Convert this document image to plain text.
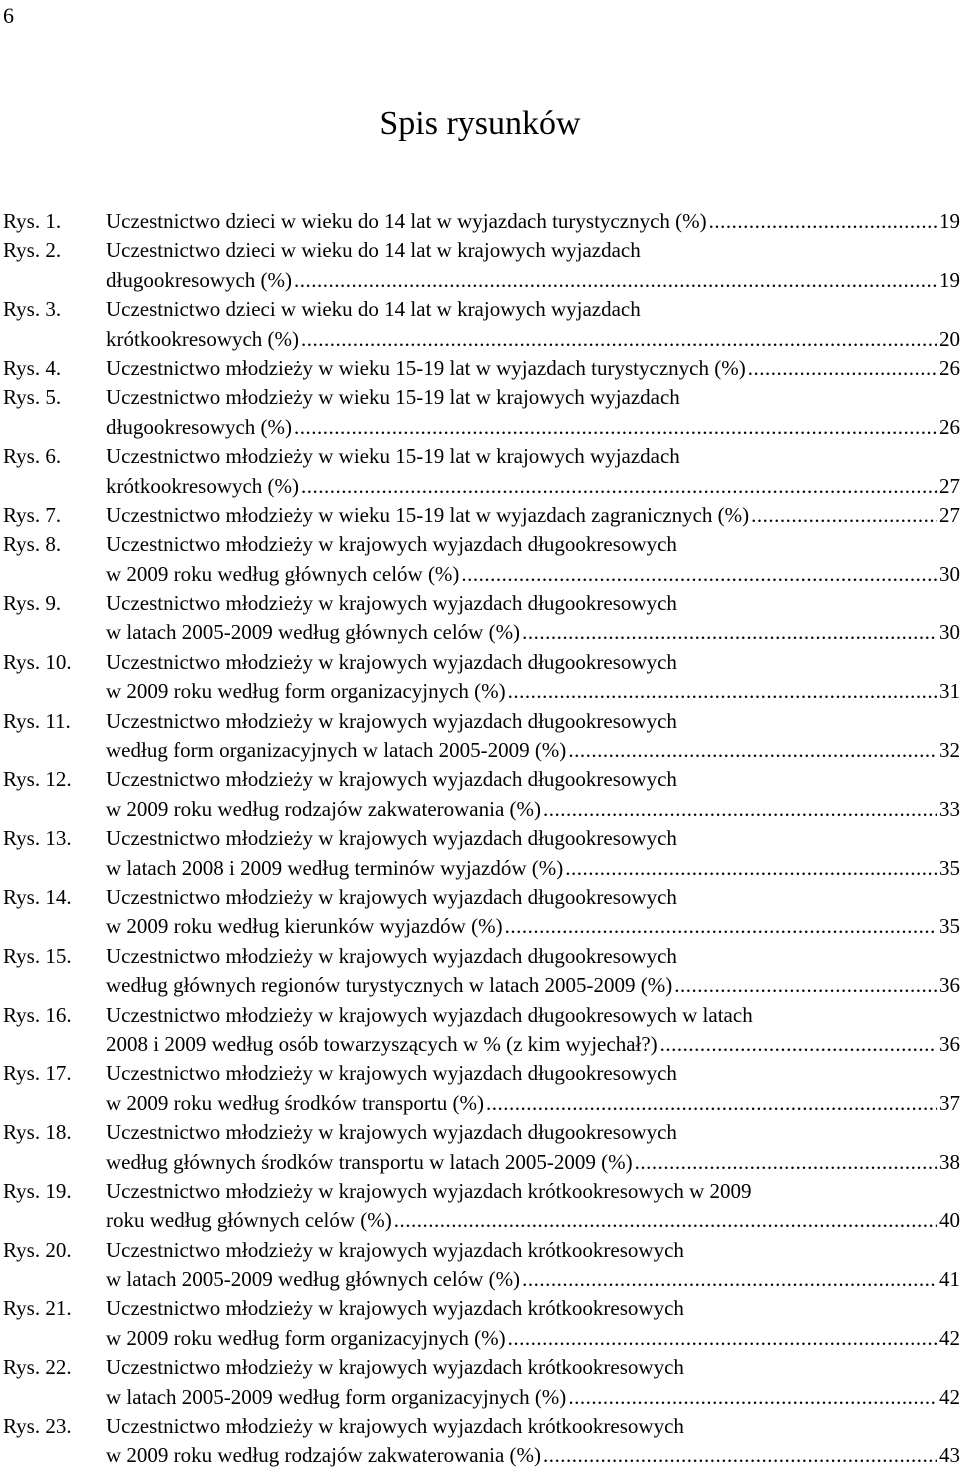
6
Spis rysunków
Rys. 1. Uczestnictwo dzieci w wieku do 14 lat w wyjazdach turystycznych (%) .....	19
Rys. 2. Uczestnictwo dzieci w wieku do 14 lat w krajowych wyjazdach
długookresowych (%) .....	19
Rys. 3. Uczestnictwo dzieci w wieku do 14 lat w krajowych wyjazdach
krótkookresowych (%) .....	20
Rys. 4. Uczestnictwo młodzieży w wieku 15-19 lat w wyjazdach turystycznych (%) .....	26
Rys. 5. Uczestnictwo młodzieży w wieku 15-19 lat w krajowych wyjazdach
długookresowych (%) .....	26
Rys. 6. Uczestnictwo młodzieży w wieku 15-19 lat w krajowych wyjazdach
krótkookresowych (%) .....	27
Rys. 7. Uczestnictwo młodzieży w wieku 15-19 lat w wyjazdach zagranicznych (%) .....	27
Rys. 8. Uczestnictwo młodzieży w krajowych wyjazdach długookresowych
w 2009 roku według głównych celów (%) .....	30
Rys. 9. Uczestnictwo młodzieży w krajowych wyjazdach długookresowych
w latach 2005-2009 według głównych celów (%) .....	30
Rys. 10. Uczestnictwo młodzieży w krajowych wyjazdach długookresowych
w 2009 roku według form organizacyjnych (%) .....	31
Rys. 11. Uczestnictwo młodzieży w krajowych wyjazdach długookresowych
według form organizacyjnych w latach 2005-2009 (%) .....	32
Rys. 12. Uczestnictwo młodzieży w krajowych wyjazdach długookresowych
w 2009 roku według rodzajów zakwaterowania (%) .....	33
Rys. 13. Uczestnictwo młodzieży w krajowych wyjazdach długookresowych
w latach 2008 i 2009 według terminów wyjazdów (%) .....	35
Rys. 14. Uczestnictwo młodzieży w krajowych wyjazdach długookresowych
w 2009 roku według kierunków wyjazdów (%) .....	35
Rys. 15. Uczestnictwo młodzieży w krajowych wyjazdach długookresowych
według głównych regionów turystycznych w latach 2005-2009 (%) .....	36
Rys. 16. Uczestnictwo młodzieży w krajowych wyjazdach długookresowych w latach
2008 i 2009 według osób towarzyszących w % (z kim wyjechał?) .....	36
Rys. 17. Uczestnictwo młodzieży w krajowych wyjazdach długookresowych
w 2009 roku według środków transportu (%) .....	37
Rys. 18. Uczestnictwo młodzieży w krajowych wyjazdach długookresowych
według głównych środków transportu w latach 2005-2009 (%) .....	38
Rys. 19. Uczestnictwo młodzieży w krajowych wyjazdach krótkookresowych w 2009
roku według głównych celów (%) .....	40
Rys. 20. Uczestnictwo młodzieży w krajowych wyjazdach krótkookresowych
w latach 2005-2009 według głównych celów (%) .....	41
Rys. 21. Uczestnictwo młodzieży w krajowych wyjazdach krótkookresowych
w 2009 roku według form organizacyjnych (%) .....	42
Rys. 22. Uczestnictwo młodzieży w krajowych wyjazdach krótkookresowych
w latach 2005-2009 według form organizacyjnych (%) .....	42
Rys. 23. Uczestnictwo młodzieży w krajowych wyjazdach krótkookresowych
w 2009 roku według rodzajów zakwaterowania (%) .....	43
